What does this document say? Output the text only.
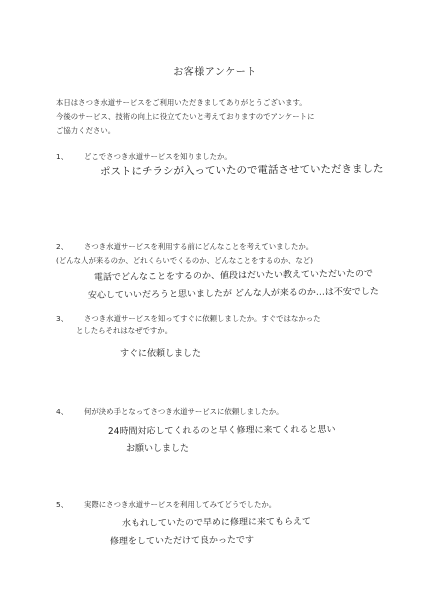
お客様アンケート
本日はさつき水道サービスをご利用いただきましてありがとうございます。
今後のサービス、技術の向上に役立てたいと考えておりますのでアンケートに
ご協力ください。
1、 どこでさつき水道サービスを知りましたか。
ポストにチラシが入っていたので電話させていただきました
2、 さつき水道サービスを利用する前にどんなことを考えていましたか。
(どんな人が来るのか、どれくらいでくるのか、どんなことをするのか、など)
電話でどんなことをするのか、値段はだいたい教えていただいたので
安心していいだろうと思いましたが どんな人が来るのか…は不安でした
3、 さつき水道サービスを知ってすぐに依頼しましたか。すぐではなかった
としたらそれはなぜですか。
すぐに依頼しました
4、 何が決め手となってさつき水道サービスに依頼しましたか。
24時間対応してくれるのと早く修理に来てくれると思い
お願いしました
5、 実際にさつき水道サービスを利用してみてどうでしたか。
水もれしていたので早めに修理に来てもらえて
修理をしていただけて良かったです
